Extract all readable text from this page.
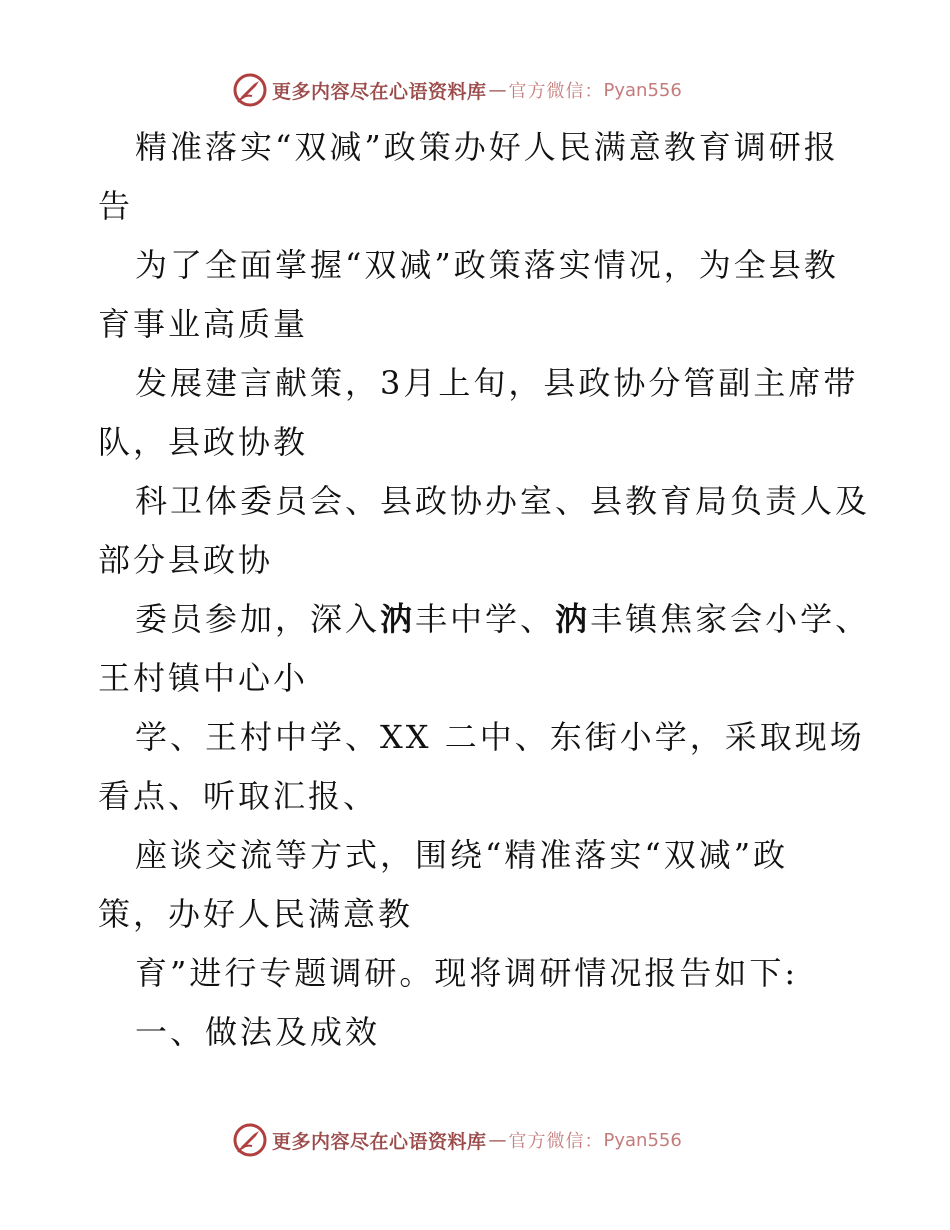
更多内容尽在心语资料库 — 官方微信： Pyan556
精准落实“双减”政策办好人民满意教育调研报
告
为了全面掌握“双减”政策落实情况，为全县教
育事业高质量
发展建言献策，3月上旬，县政协分管副主席带
队，县政协教
科卫体委员会、县政协办室、县教育局负责人及
部分县政协
委员参加，深入汭丰中学、汭丰镇焦家会小学、
王村镇中心小
学、王村中学、XX 二中、东街小学，采取现场
看点、听取汇报、
座谈交流等方式，围绕“精准落实“双减”政
策，办好人民满意教
育”进行专题调研。现将调研情况报告如下:
一、做法及成效
更多内容尽在心语资料库 — 官方微信： Pyan556
